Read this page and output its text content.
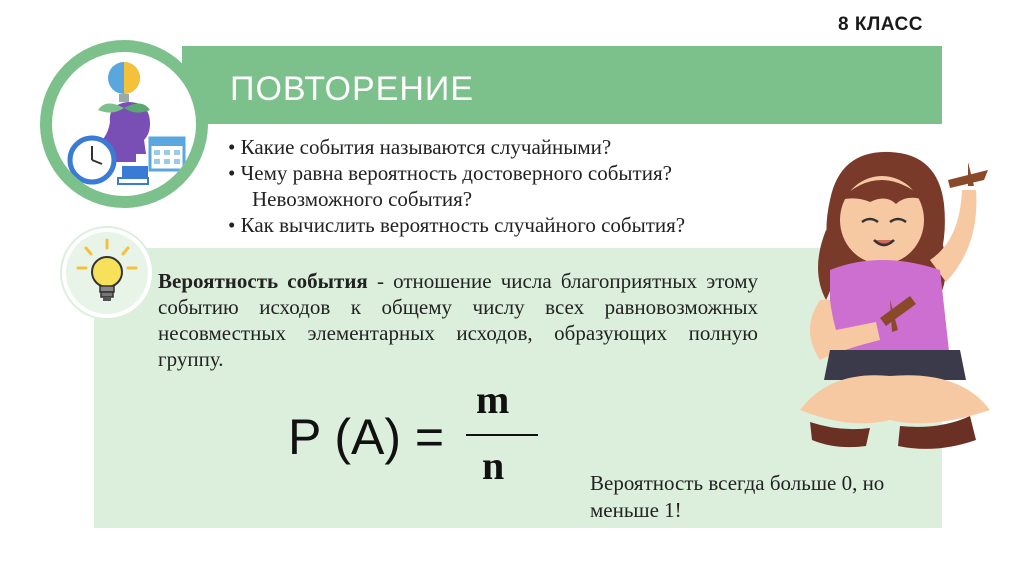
8 КЛАСС
ПОВТОРЕНИЕ
• Какие события называются случайными?
• Чему равна вероятность достоверного события?
Невозможного события?
• Как вычислить вероятность случайного события?
Вероятность события - отношение числа благоприятных этому событию исходов к общему числу всех равновозможных несовместных элементарных исходов, образующих полную группу.
P (A) =
m
n	Вероятность всегда больше 0, но меньше 1!
